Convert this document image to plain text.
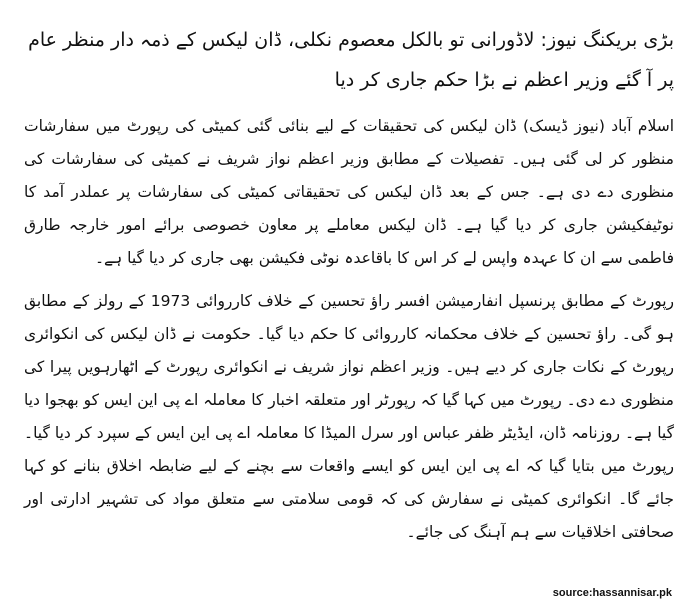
بڑی بریکنگ نیوز: لاڈورانی تو بالکل معصوم نکلی، ڈان لیکس کے ذمہ دار منظر عام پر آ گئے وزیر اعظم نے بڑا حکم جاری کر دیا

اسلام آباد (نیوز ڈیسک) ڈان لیکس کی تحقیقات کے لیے بنائی گئی کمیٹی کی رپورٹ میں سفارشات منظور کر لی گئی ہیں۔ تفصیلات کے مطابق وزیر اعظم نواز شریف نے کمیٹی کی سفارشات کی منظوری دے دی ہے۔ جس کے بعد ڈان لیکس کی تحقیقاتی کمیٹی کی سفارشات پر عملدر آمد کا نوٹیفکیشن جاری کر دیا گیا ہے۔ ڈان لیکس معاملے پر معاون خصوصی برائے امور خارجہ طارق فاطمی سے ان کا عہدہ واپس لے کر اس کا باقاعدہ نوٹی فکیشن بھی جاری کر دیا گیا ہے۔

رپورٹ کے مطابق پرنسپل انفارمیشن افسر راؤ تحسین کے خلاف کارروائی 1973 کے رولز کے مطابق ہو گی۔ راؤ تحسین کے خلاف محکمانہ کارروائی کا حکم دیا گیا۔ حکومت نے ڈان لیکس کی انکوائری رپورٹ کے نکات جاری کر دیے ہیں۔ وزیر اعظم نواز شریف نے انکوائری رپورٹ کے اٹھارہویں پیرا کی منظوری دے دی۔ رپورٹ میں کہا گیا کہ رپورٹر اور متعلقہ اخبار کا معاملہ اے پی این ایس کو بھجوا دیا گیا ہے۔ روزنامہ ڈان، ایڈیٹر ظفر عباس اور سرل المیڈا کا معاملہ اے پی این ایس کے سپرد کر دیا گیا۔ رپورٹ میں بتایا گیا کہ اے پی این ایس کو ایسے واقعات سے بچنے کے لیے ضابطہ اخلاق بنانے کو کہا جائے گا۔ انکوائری کمیٹی نے سفارش کی کہ قومی سلامتی سے متعلق مواد کی تشہیر ادارتی اور صحافتی اخلاقیات سے ہم آہنگ کی جائے۔

source:hassannisar.pk
